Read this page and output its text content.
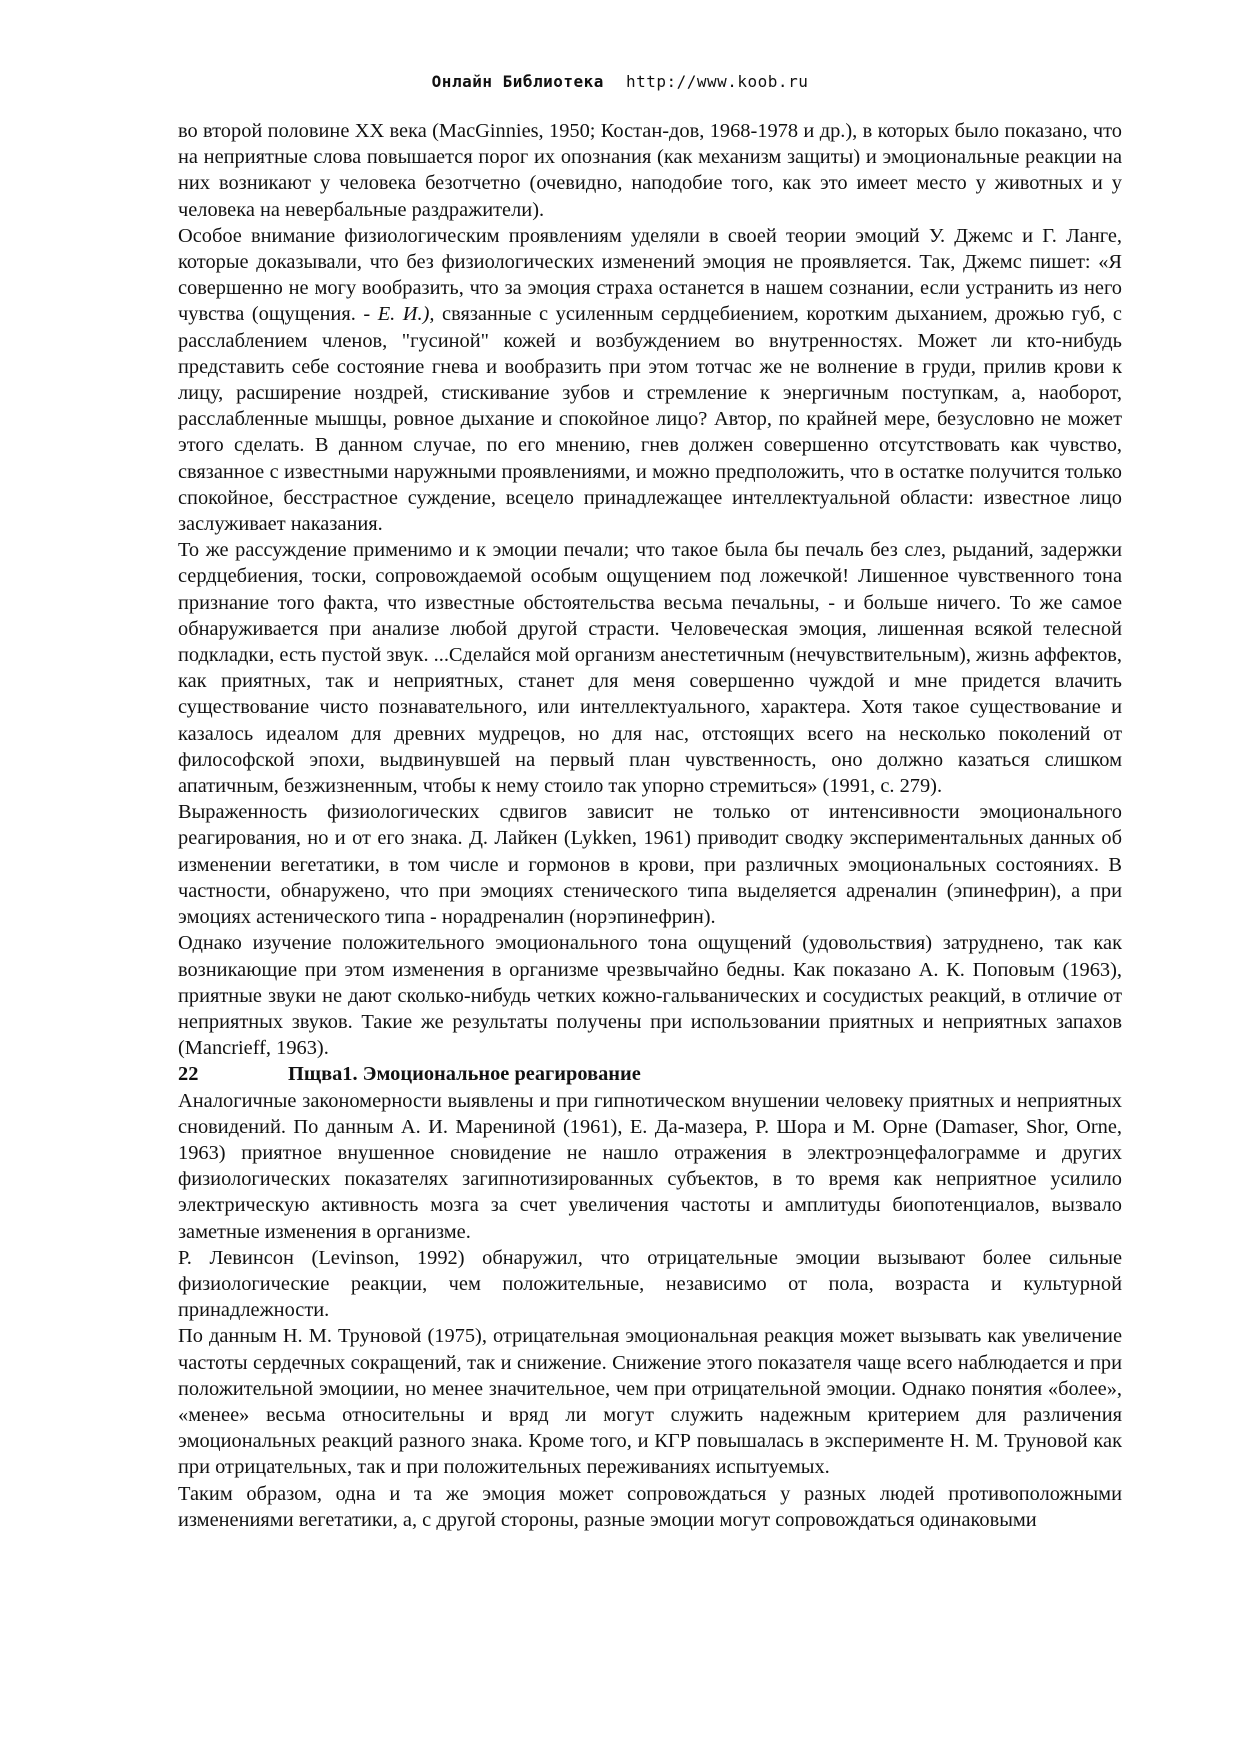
Онлайн Библиотека http://www.koob.ru

во второй половине XX века (MacGinnies, 1950; Костан-дов, 1968-1978 и др.), в которых было показано, что на неприятные слова повышается порог их опознания (как механизм защиты) и эмоциональные реакции на них возникают у человека безотчетно (очевидно, наподобие того, как это имеет место у животных и у человека на невербальные раздражители).

Особое внимание физиологическим проявлениям уделяли в своей теории эмоций У. Джемс и Г. Ланге, которые доказывали, что без физиологических изменений эмоция не проявляется. Так, Джемс пишет: «Я совершенно не могу вообразить, что за эмоция страха останется в нашем сознании, если устранить из него чувства (ощущения. - Е. И.), связанные с усиленным сердцебиением, коротким дыханием, дрожью губ, с расслаблением членов, "гусиной" кожей и возбуждением во внутренностях. Может ли кто-нибудь представить себе состояние гнева и вообразить при этом тотчас же не волнение в груди, прилив крови к лицу, расширение ноздрей, стискивание зубов и стремление к энергичным поступкам, а, наоборот, расслабленные мышцы, ровное дыхание и спокойное лицо? Автор, по крайней мере, безусловно не может этого сделать. В данном случае, по его мнению, гнев должен совершенно отсутствовать как чувство, связанное с известными наружными проявлениями, и можно предположить, что в остатке получится только спокойное, бесстрастное суждение, всецело принадлежащее интеллектуальной области: известное лицо заслуживает наказания.

То же рассуждение применимо и к эмоции печали; что такое была бы печаль без слез, рыданий, задержки сердцебиения, тоски, сопровождаемой особым ощущением под ложечкой! Лишенное чувственного тона признание того факта, что известные обстоятельства весьма печальны, - и больше ничего. То же самое обнаруживается при анализе любой другой страсти. Человеческая эмоция, лишенная всякой телесной подкладки, есть пустой звук. ...Сделайся мой организм анестетичным (нечувствительным), жизнь аффектов, как приятных, так и неприятных, станет для меня совершенно чуждой и мне придется влачить существование чисто познавательного, или интеллектуального, характера. Хотя такое существование и казалось идеалом для древних мудрецов, но для нас, отстоящих всего на несколько поколений от философской эпохи, выдвинувшей на первый план чувственность, оно должно казаться слишком апатичным, безжизненным, чтобы к нему стоило так упорно стремиться» (1991, с. 279).

Выраженность физиологических сдвигов зависит не только от интенсивности эмоционального реагирования, но и от его знака. Д. Лайкен (Lykken, 1961) приводит сводку экспериментальных данных об изменении вегетатики, в том числе и гормонов в крови, при различных эмоциональных состояниях. В частности, обнаружено, что при эмоциях стенического типа выделяется адреналин (эпинефрин), а при эмоциях астенического типа - норадреналин (норэпинефрин).

Однако изучение положительного эмоционального тона ощущений (удовольствия) затруднено, так как возникающие при этом изменения в организме чрезвычайно бедны. Как показано А. К. Поповым (1963), приятные звуки не дают сколько-нибудь четких кожно-гальванических и сосудистых реакций, в отличие от неприятных звуков. Такие же результаты получены при использовании приятных и неприятных запахов (Mancrieff, 1963).

22	Пщва1. Эмоциональное реагирование

Аналогичные закономерности выявлены и при гипнотическом внушении человеку приятных и неприятных сновидений. По данным А. И. Марениной (1961), Е. Да-мазера, Р. Шора и М. Орне (Damaser, Shor, Orne, 1963) приятное внушенное сновидение не нашло отражения в электроэнцефалограмме и других физиологических показателях загипнотизированных субъектов, в то время как неприятное усилило электрическую активность мозга за счет увеличения частоты и амплитуды биопотенциалов, вызвало заметные изменения в организме.

Р. Левинсон (Levinson, 1992) обнаружил, что отрицательные эмоции вызывают более сильные физиологические реакции, чем положительные, независимо от пола, возраста и культурной принадлежности.

По данным Н. М. Труновой (1975), отрицательная эмоциональная реакция может вызывать как увеличение частоты сердечных сокращений, так и снижение. Снижение этого показателя чаще всего наблюдается и при положительной эмоциии, но менее значительное, чем при отрицательной эмоции. Однако понятия «более», «менее» весьма относительны и вряд ли могут служить надежным критерием для различения эмоциональных реакций разного знака. Кроме того, и КГР повышалась в эксперименте Н. М. Труновой как при отрицательных, так и при положительных переживаниях испытуемых.

Таким образом, одна и та же эмоция может сопровождаться у разных людей противоположными изменениями вегетатики, а, с другой стороны, разные эмоции могут сопровождаться одинаковыми
